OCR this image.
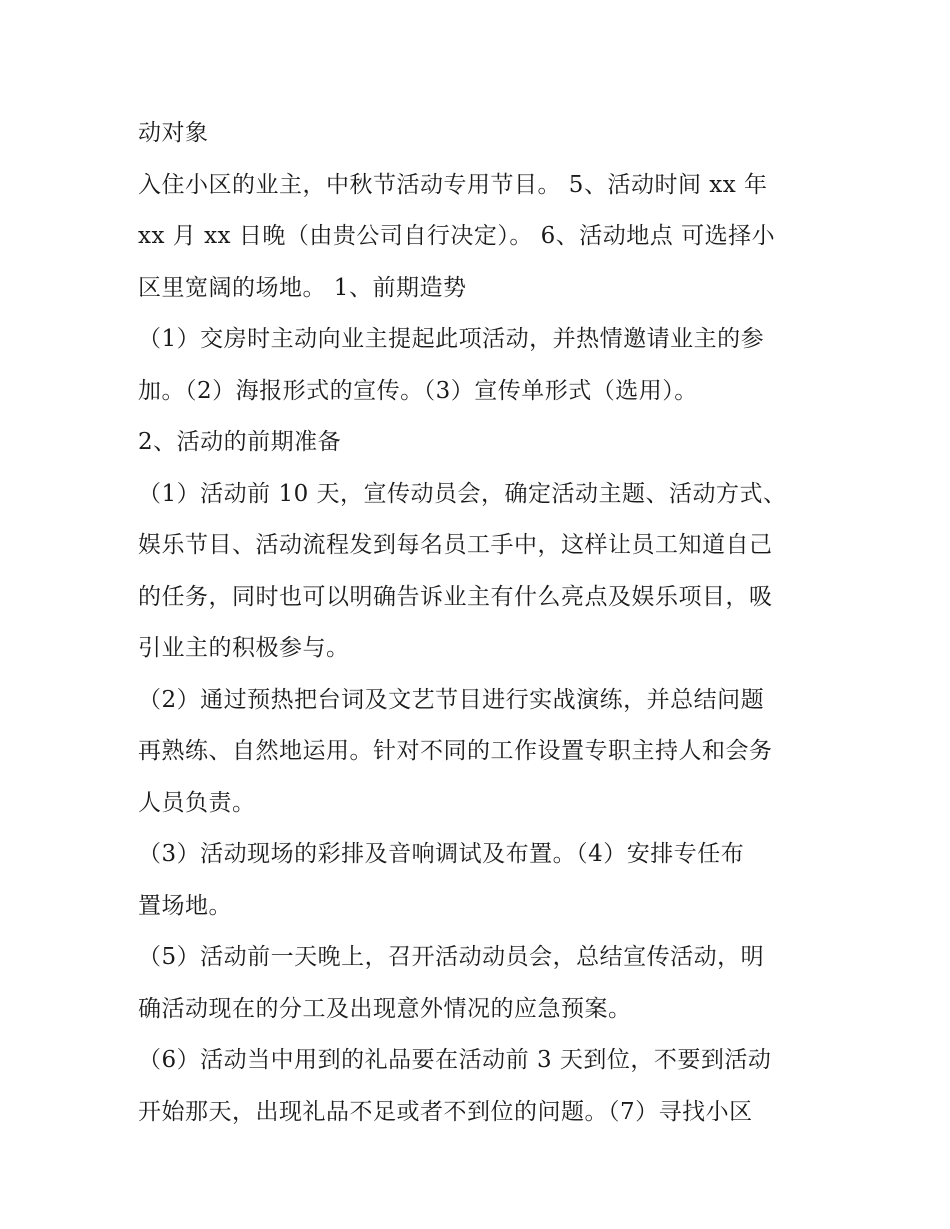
动对象
入住小区的业主，中秋节活动专用节目。 5、活动时间 xx 年
xx 月 xx 日晚（由贵公司自行决定）。 6、活动地点 可选择小
区里宽阔的场地。 1、前期造势
（1）交房时主动向业主提起此项活动，并热情邀请业主的参
加。（2）海报形式的宣传。（3）宣传单形式（选用）。
2、活动的前期准备
（1）活动前 10 天，宣传动员会，确定活动主题、活动方式、
娱乐节目、活动流程发到每名员工手中，这样让员工知道自己
的任务，同时也可以明确告诉业主有什么亮点及娱乐项目，吸
引业主的积极参与。
（2）通过预热把台词及文艺节目进行实战演练，并总结问题
再熟练、自然地运用。针对不同的工作设置专职主持人和会务
人员负责。
（3）活动现场的彩排及音响调试及布置。（4）安排专任布
置场地。
（5）活动前一天晚上，召开活动动员会，总结宣传活动，明
确活动现在的分工及出现意外情况的应急预案。
（6）活动当中用到的礼品要在活动前 3 天到位，不要到活动
开始那天，出现礼品不足或者不到位的问题。（7）寻找小区
